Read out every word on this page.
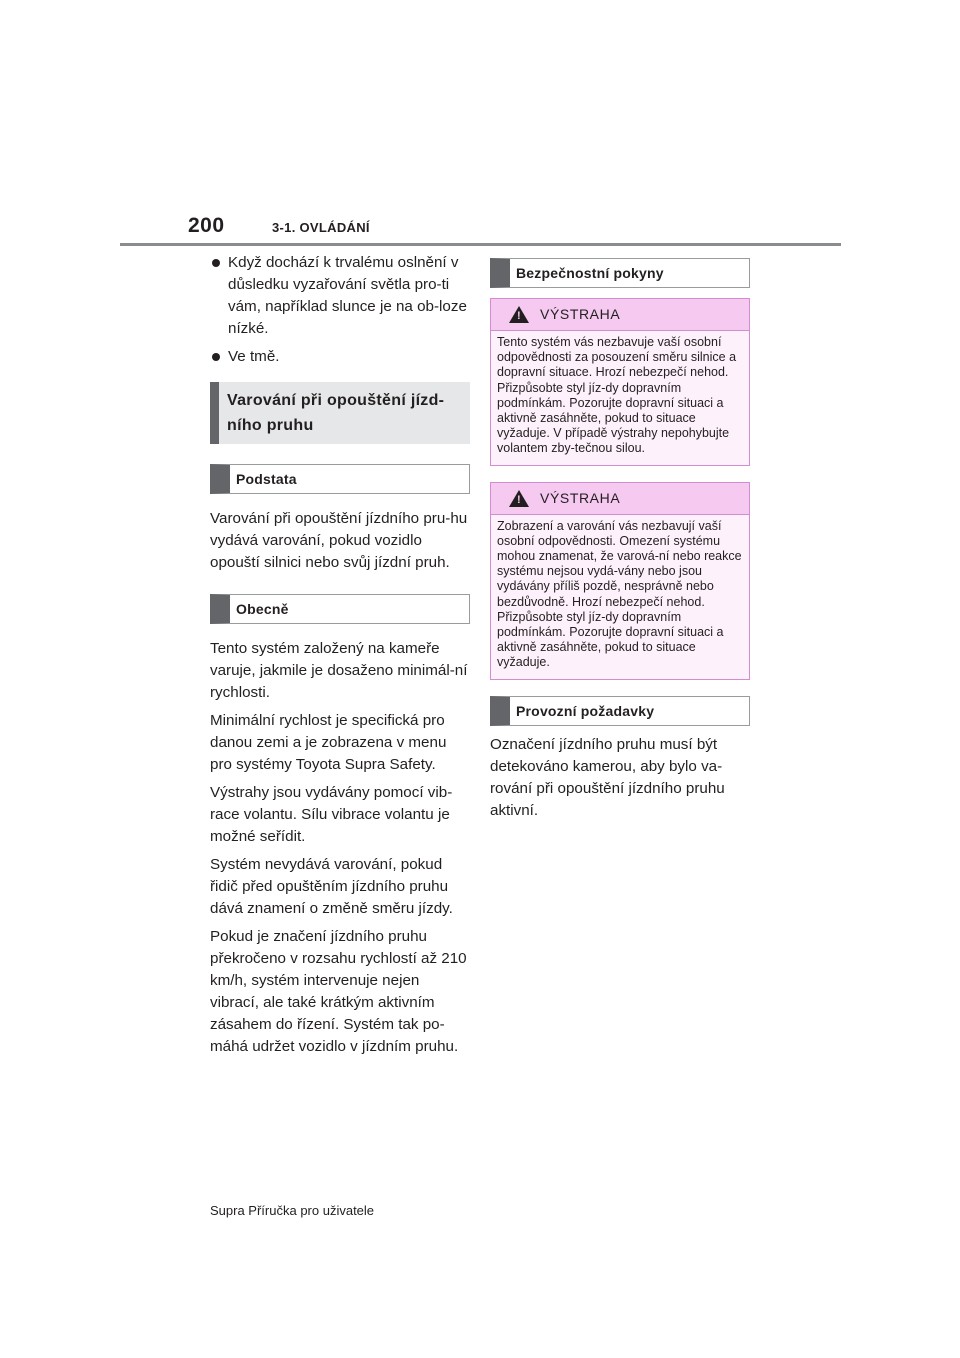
200	3-1. OVLÁDÁNÍ
Když dochází k trvalému oslnění v důsledku vyzařování světla pro-ti vám, například slunce je na ob-loze nízké.
Ve tmě.
Varování při opouštění jízd-ního pruhu
Podstata

Varování při opouštění jízdního pru-hu vydává varování, pokud vozidlo opouští silnici nebo svůj jízdní pruh.

Obecně

Tento systém založený na kameře varuje, jakmile je dosaženo minimál-ní rychlosti.

Minimální rychlost je specifická pro danou zemi a je zobrazena v menu pro systémy Toyota Supra Safety.

Výstrahy jsou vydávány pomocí vib-race volantu. Sílu vibrace volantu je možné seřídit.

Systém nevydává varování, pokud řidič před opuštěním jízdního pruhu dává znamení o změně směru jízdy.

Pokud je značení jízdního pruhu překročeno v rozsahu rychlostí až 210 km/h, systém intervenuje nejen vibrací, ale také krátkým aktivním zásahem do řízení. Systém tak po-máhá udržet vozidlo v jízdním pruhu.

Bezpečnostní pokyny
! VÝSTRAHA
Tento systém vás nezbavuje vaší osobní odpovědnosti za posouzení směru silnice a dopravní situace. Hrozí nebezpečí nehod. Přizpůsobte styl jíz-dy dopravním podmínkám. Pozorujte dopravní situaci a aktivně zasáhněte, pokud to situace vyžaduje. V případě výstrahy nepohybujte volantem zby-tečnou silou.
! VÝSTRAHA
Zobrazení a varování vás nezbavují vaší osobní odpovědnosti. Omezení systému mohou znamenat, že varová-ní nebo reakce systému nejsou vydá-vány nebo jsou vydávány příliš pozdě, nesprávně nebo bezdůvodně. Hrozí nebezpečí nehod. Přizpůsobte styl jíz-dy dopravním podmínkám. Pozorujte dopravní situaci a aktivně zasáhněte, pokud to situace vyžaduje.
Provozní požadavky

Označení jízdního pruhu musí být detekováno kamerou, aby bylo va-rování při opouštění jízdního pruhu aktivní.

Supra Příručka pro uživatele
